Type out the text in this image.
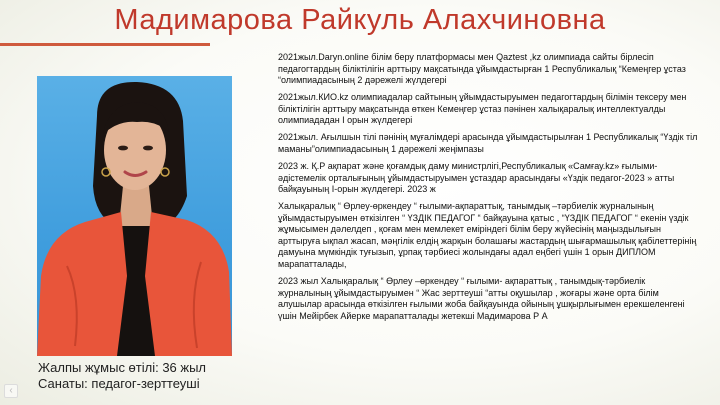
Мадимарова Райкуль Алахчиновна
Жалпы жұмыс өтілі: 36 жыл
Санаты: педагог-зерттеуші

2021жыл.Daryn.online білім беру платформасы мен Qaztest ,kz олимпиада сайты бірлесіп педагогтардың біліктілігін арттыру мақсатында ұйымдастырған 1 Республикалық “Кемеңгер ұстаз “олимпиадасының 2 дәрежелі жүлдегері

2021жыл.КИО.kz олимпиадалар сайтының ұйымдастыруымен педагогтардың білімін тексеру мен біліктілігін арттыру мақсатында өткен Кемеңгер ұстаз пәнінен халықаралық интеллектуалды олимпиададан I орын жүлдегері

2021жыл. Ағылшын тілі пәнінің мұғалімдері арасында ұйымдастырылған 1 Республикалық “Үздік тіл маманы”олимпиадасының 1 дәрежелі жеңімпазы

2023 ж. Қ.Р ақпарат және қоғамдық даму министрлігі,Республикалық «Самғау.kz» ғылыми-әдістемелік орталығының ұйымдастыруымен ұстаздар арасындағы «Үздік педагог-2023 » атты байқауының I-орын жүлдегері. 2023 ж

Халықаралық “ Өрлеу-өркендеу “ ғылыми-ақпараттық, танымдық –тәрбиелік журналының ұйымдастыруымен өткізілген “ ҮЗДІК ПЕДАГОГ “ байқауына қатыс , “ҮЗДІК ПЕДАГОГ “ екенін үздік жұмысымен дәлелдеп , қоғам мен мемлекет еміріндегі білім беру жүйесінің маңыздылығын арттыруға ықпал жасап, мәңгілік елдің жарқын болашағы жастардың шығармашылық қабілеттерінің дамуына мүмкіндік туғызып, ұрпақ тәрбиесі жолындағы адал еңбегі үшін 1 орын ДИПЛОМ марапатталады,

2023 жыл Халықаралық “ Өрлеу –өркендеу “ ғылыми- ақпараттық , танымдық-тәрбиелік журналының ұйымдастыруымен “ Жас зерттеуші “атты оқушылар , жоғары және орта білім алушылар арасында өткізілген ғылыми жоба байқауында ойының ұшқырлығымен ерекшеленгені үшін Мейірбек Айерке марапатталады жетекші Мадимарова Р А

‹
